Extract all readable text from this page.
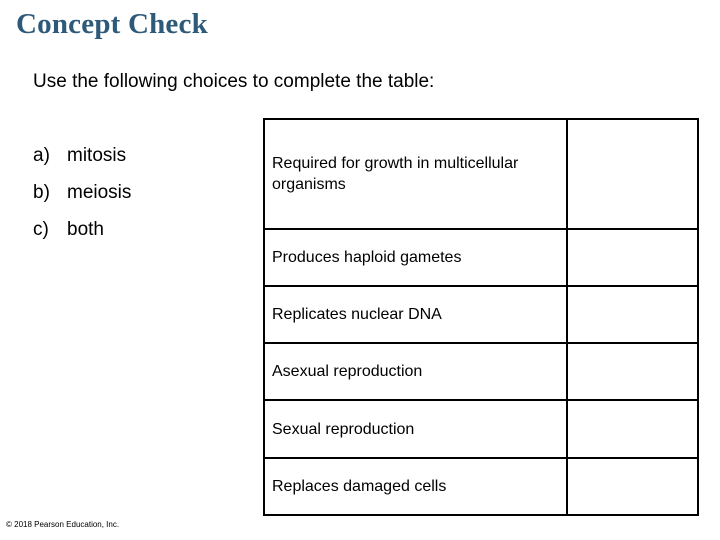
Concept Check

Use the following choices to complete the table:

a) mitosis
b) meiosis
c) both
Required for growth in multicellular organisms	
Produces haploid gametes	
Replicates nuclear DNA	
Asexual reproduction	
Sexual reproduction	
Replaces damaged cells	

© 2018 Pearson Education, Inc.
